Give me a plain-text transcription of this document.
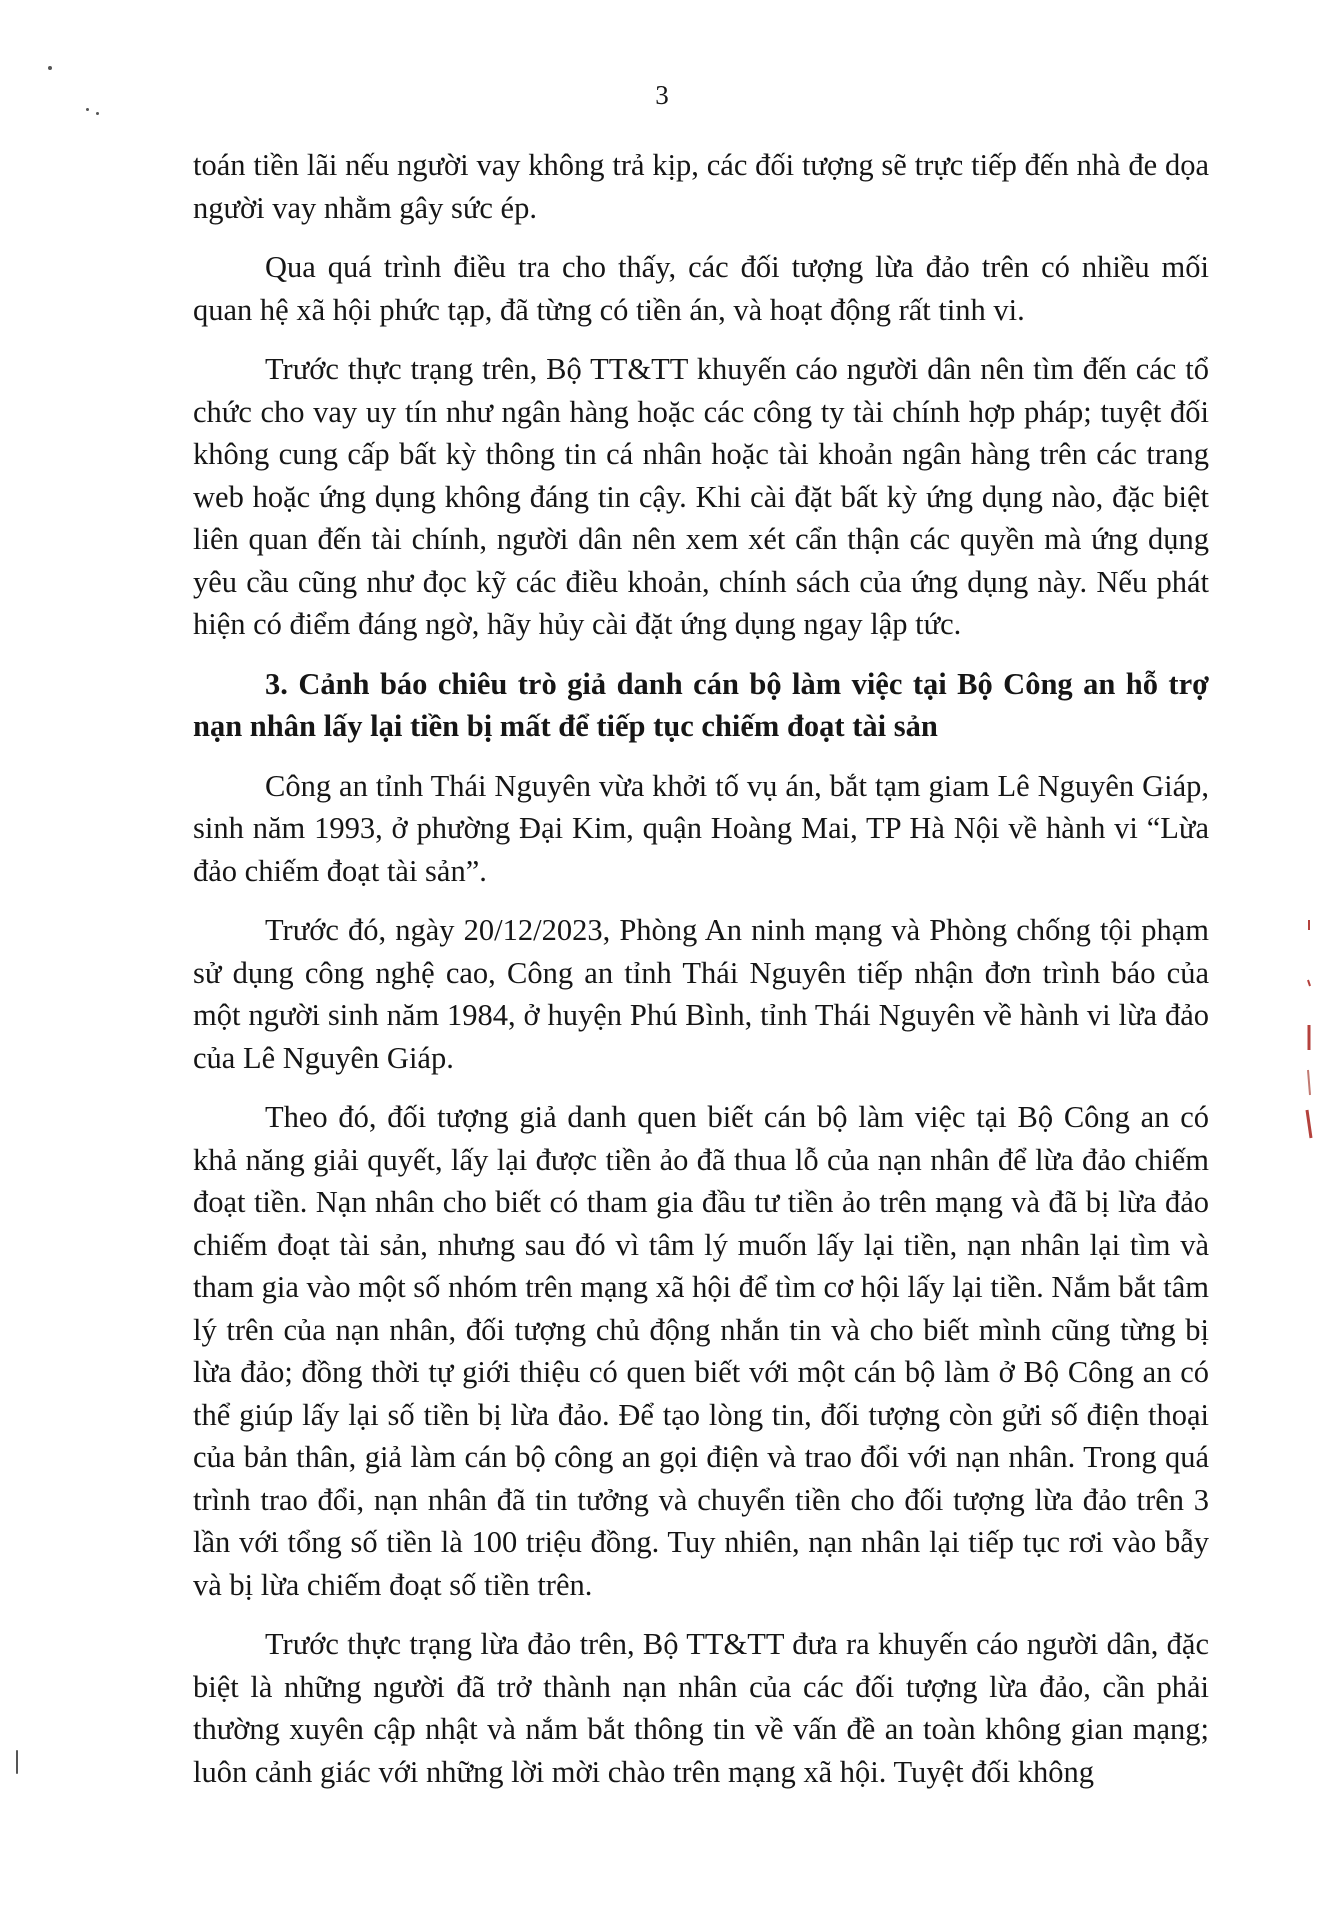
3

toán tiền lãi nếu người vay không trả kịp, các đối tượng sẽ trực tiếp đến nhà đe dọa người vay nhằm gây sức ép.

Qua quá trình điều tra cho thấy, các đối tượng lừa đảo trên có nhiều mối quan hệ xã hội phức tạp, đã từng có tiền án, và hoạt động rất tinh vi.

Trước thực trạng trên, Bộ TT&TT khuyến cáo người dân nên tìm đến các tổ chức cho vay uy tín như ngân hàng hoặc các công ty tài chính hợp pháp; tuyệt đối không cung cấp bất kỳ thông tin cá nhân hoặc tài khoản ngân hàng trên các trang web hoặc ứng dụng không đáng tin cậy. Khi cài đặt bất kỳ ứng dụng nào, đặc biệt liên quan đến tài chính, người dân nên xem xét cẩn thận các quyền mà ứng dụng yêu cầu cũng như đọc kỹ các điều khoản, chính sách của ứng dụng này. Nếu phát hiện có điểm đáng ngờ, hãy hủy cài đặt ứng dụng ngay lập tức.

3. Cảnh báo chiêu trò giả danh cán bộ làm việc tại Bộ Công an hỗ trợ nạn nhân lấy lại tiền bị mất để tiếp tục chiếm đoạt tài sản

Công an tỉnh Thái Nguyên vừa khởi tố vụ án, bắt tạm giam Lê Nguyên Giáp, sinh năm 1993, ở phường Đại Kim, quận Hoàng Mai, TP Hà Nội về hành vi “Lừa đảo chiếm đoạt tài sản”.

Trước đó, ngày 20/12/2023, Phòng An ninh mạng và Phòng chống tội phạm sử dụng công nghệ cao, Công an tỉnh Thái Nguyên tiếp nhận đơn trình báo của một người sinh năm 1984, ở huyện Phú Bình, tỉnh Thái Nguyên về hành vi lừa đảo của Lê Nguyên Giáp.

Theo đó, đối tượng giả danh quen biết cán bộ làm việc tại Bộ Công an có khả năng giải quyết, lấy lại được tiền ảo đã thua lỗ của nạn nhân để lừa đảo chiếm đoạt tiền. Nạn nhân cho biết có tham gia đầu tư tiền ảo trên mạng và đã bị lừa đảo chiếm đoạt tài sản, nhưng sau đó vì tâm lý muốn lấy lại tiền, nạn nhân lại tìm và tham gia vào một số nhóm trên mạng xã hội để tìm cơ hội lấy lại tiền. Nắm bắt tâm lý trên của nạn nhân, đối tượng chủ động nhắn tin và cho biết mình cũng từng bị lừa đảo; đồng thời tự giới thiệu có quen biết với một cán bộ làm ở Bộ Công an có thể giúp lấy lại số tiền bị lừa đảo. Để tạo lòng tin, đối tượng còn gửi số điện thoại của bản thân, giả làm cán bộ công an gọi điện và trao đổi với nạn nhân. Trong quá trình trao đổi, nạn nhân đã tin tưởng và chuyển tiền cho đối tượng lừa đảo trên 3 lần với tổng số tiền là 100 triệu đồng. Tuy nhiên, nạn nhân lại tiếp tục rơi vào bẫy và bị lừa chiếm đoạt số tiền trên.

Trước thực trạng lừa đảo trên, Bộ TT&TT đưa ra khuyến cáo người dân, đặc biệt là những người đã trở thành nạn nhân của các đối tượng lừa đảo, cần phải thường xuyên cập nhật và nắm bắt thông tin về vấn đề an toàn không gian mạng; luôn cảnh giác với những lời mời chào trên mạng xã hội. Tuyệt đối không
